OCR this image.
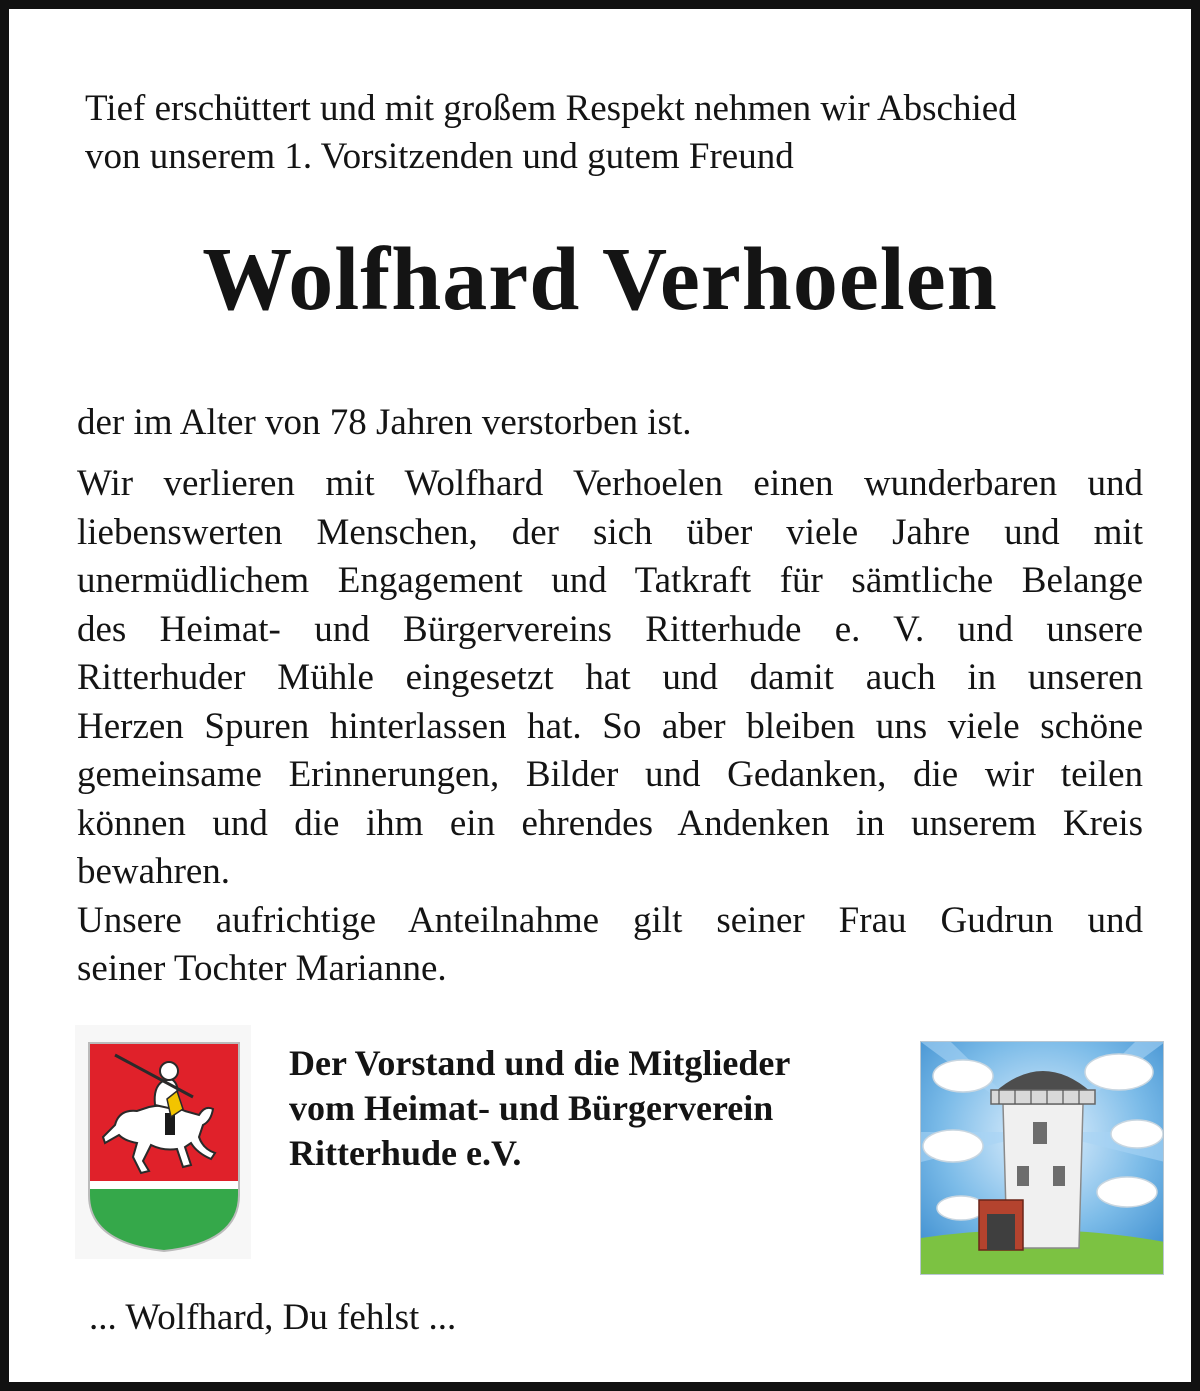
Tief erschüttert und mit großem Respekt nehmen wir Abschied
von unserem 1. Vorsitzenden und gutem Freund

Wolfhard Verhoelen

der im Alter von 78 Jahren verstorben ist.

Wir verlieren mit Wolfhard Verhoelen einen wunderbaren und
liebenswerten Menschen, der sich über viele Jahre und mit
unermüdlichem Engagement und Tatkraft für sämtliche Belange
des Heimat- und Bürgervereins Ritterhude e. V. und unsere
Ritterhuder Mühle eingesetzt hat und damit auch in unseren
Herzen Spuren hinterlassen hat. So aber bleiben uns viele schöne
gemeinsame Erinnerungen, Bilder und Gedanken, die wir teilen
können und die ihm ein ehrendes Andenken in unserem Kreis
bewahren.
Unsere aufrichtige Anteilnahme gilt seiner Frau Gudrun und
seiner Tochter Marianne.

Der Vorstand und die Mitglieder
vom Heimat- und Bürgerverein
Ritterhude e.V.

... Wolfhard, Du fehlst ...
